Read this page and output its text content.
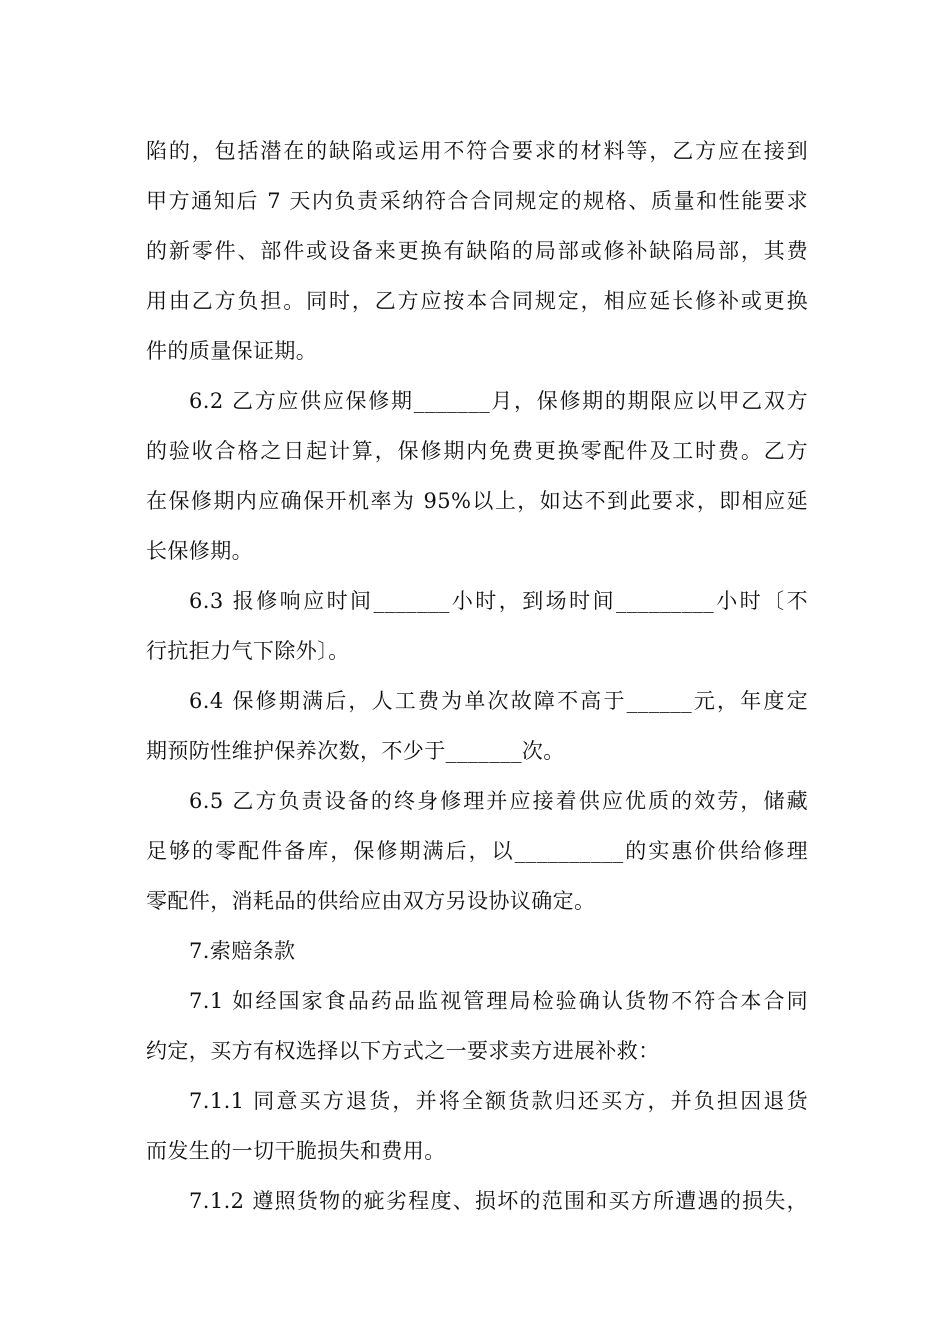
陷的，包括潜在的缺陷或运用不符合要求的材料等，乙方应在接到
甲方通知后 7 天内负责采纳符合合同规定的规格、质量和性能要求
的新零件、部件或设备来更换有缺陷的局部或修补缺陷局部，其费
用由乙方负担。同时，乙方应按本合同规定，相应延长修补或更换
件的质量保证期。
6.2 乙方应供应保修期_______月，保修期的期限应以甲乙双方
的验收合格之日起计算，保修期内免费更换零配件及工时费。乙方
在保修期内应确保开机率为 95%以上，如达不到此要求，即相应延
长保修期。
6.3 报修响应时间_______小时，到场时间_________小时〔不
行抗拒力气下除外〕。
6.4 保修期满后，人工费为单次故障不高于______元，年度定
期预防性维护保养次数，不少于_______次。
6.5 乙方负责设备的终身修理并应接着供应优质的效劳，储藏
足够的零配件备库，保修期满后，以__________的实惠价供给修理
零配件，消耗品的供给应由双方另设协议确定。
7.索赔条款
7.1 如经国家食品药品监视管理局检验确认货物不符合本合同
约定，买方有权选择以下方式之一要求卖方进展补救：
7.1.1 同意买方退货，并将全额货款归还买方，并负担因退货
而发生的一切干脆损失和费用。
7.1.2 遵照货物的疵劣程度、损坏的范围和买方所遭遇的损失，
